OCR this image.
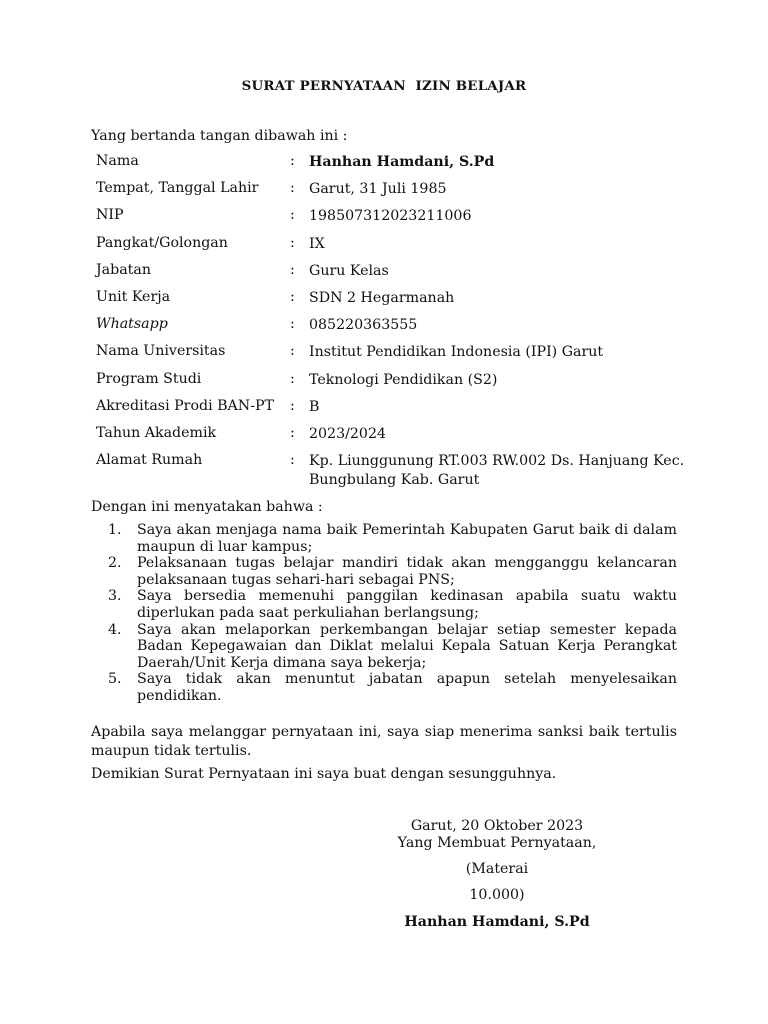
SURAT PERNYATAAN  IZIN BELAJAR
Yang bertanda tangan dibawah ini :
Nama	: Hanhan Hamdani, S.Pd
Tempat, Tanggal Lahir : Garut, 31 Juli 1985
NIP	: 198507312023211006
Pangkat/Golongan	: IX
Jabatan	: Guru Kelas
Unit Kerja	: SDN 2 Hegarmanah
Whatsapp	: 085220363555
Nama Universitas	: Institut Pendidikan Indonesia (IPI) Garut
Program Studi	: Teknologi Pendidikan (S2)
Akreditasi Prodi BAN-PT : B
Tahun Akademik	: 2023/2024
Alamat Rumah	: Kp. Liunggunung RT.003 RW.002 Ds. Hanjuang Kec. Bungbulang Kab. Garut
Dengan ini menyatakan bahwa :
1. Saya akan menjaga nama baik Pemerintah Kabupaten Garut baik di dalam maupun di luar kampus;
2. Pelaksanaan tugas belajar mandiri tidak akan mengganggu kelancaran pelaksanaan tugas sehari-hari sebagai PNS;
3. Saya bersedia memenuhi panggilan kedinasan apabila suatu waktu diperlukan pada saat perkuliahan berlangsung;
4. Saya akan melaporkan perkembangan belajar setiap semester kepada Badan Kepegawaian dan Diklat melalui Kepala Satuan Kerja Perangkat Daerah/Unit Kerja dimana saya bekerja;
5. Saya tidak akan menuntut jabatan apapun setelah menyelesaikan pendidikan.
Apabila saya melanggar pernyataan ini, saya siap menerima sanksi baik tertulis maupun tidak tertulis.
Demikian Surat Pernyataan ini saya buat dengan sesungguhnya.
Garut, 20 Oktober 2023
Yang Membuat Pernyataan,
(Materai
10.000)
Hanhan Hamdani, S.Pd
